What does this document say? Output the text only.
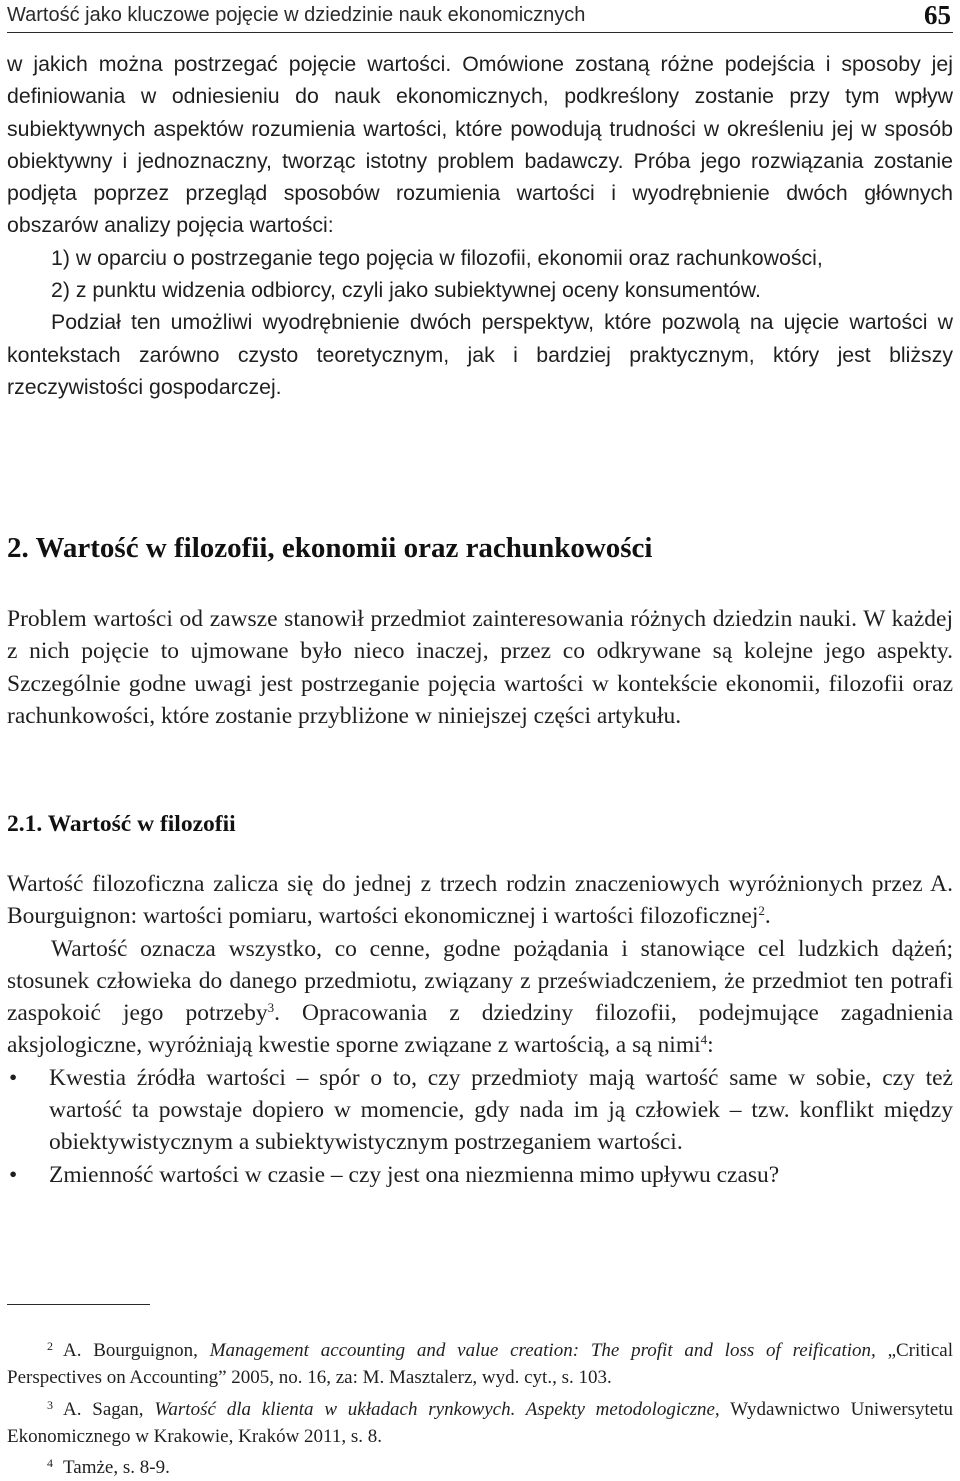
Wartość jako kluczowe pojęcie w dziedzinie nauk ekonomicznych	65

w jakich można postrzegać pojęcie wartości. Omówione zostaną różne podejścia i sposoby jej definiowania w odniesieniu do nauk ekonomicznych, podkreślony zostanie przy tym wpływ subiektywnych aspektów rozumienia wartości, które powodują trudności w określeniu jej w sposób obiektywny i jednoznaczny, tworząc istotny problem badawczy. Próba jego rozwiązania zostanie podjęta poprzez przegląd sposobów rozumienia wartości i wyodrębnienie dwóch głównych obszarów analizy pojęcia wartości:

1) w oparciu o postrzeganie tego pojęcia w filozofii, ekonomii oraz rachunkowości,

2) z punktu widzenia odbiorcy, czyli jako subiektywnej oceny konsumentów.

Podział ten umożliwi wyodrębnienie dwóch perspektyw, które pozwolą na ujęcie wartości w kontekstach zarówno czysto teoretycznym, jak i bardziej praktycznym, który jest bliższy rzeczywistości gospodarczej.

2. Wartość w filozofii, ekonomii oraz rachunkowości

Problem wartości od zawsze stanowił przedmiot zainteresowania różnych dziedzin nauki. W każdej z nich pojęcie to ujmowane było nieco inaczej, przez co odkrywane są kolejne jego aspekty. Szczególnie godne uwagi jest postrzeganie pojęcia wartości w kontekście ekonomii, filozofii oraz rachunkowości, które zostanie przybliżone w niniejszej części artykułu.

2.1. Wartość w filozofii

Wartość filozoficzna zalicza się do jednej z trzech rodzin znaczeniowych wyróżnionych przez A. Bourguignon: wartości pomiaru, wartości ekonomicznej i wartości filozoficznej$^2$.

Wartość oznacza wszystko, co cenne, godne pożądania i stanowiące cel ludzkich dążeń; stosunek człowieka do danego przedmiotu, związany z przeświadczeniem, że przedmiot ten potrafi zaspokoić jego potrzeby$^3$. Opracowania z dziedziny filozofii, podejmujące zagadnienia aksjologiczne, wyróżniają kwestie sporne związane z wartością, a są nimi$^4$:

• Kwestia źródła wartości – spór o to, czy przedmioty mają wartość same w sobie, czy też wartość ta powstaje dopiero w momencie, gdy nada im ją człowiek – tzw. konflikt między obiektywistycznym a subiektywistycznym postrzeganiem wartości.
• Zmienność wartości w czasie – czy jest ona niezmienna mimo upływu czasu?

$^2$ A. Bourguignon, Management accounting and value creation: The profit and loss of reification, „Critical Perspectives on Accounting” 2005, no. 16, za: M. Masztalerz, wyd. cyt., s. 103.

$^3$ A. Sagan, Wartość dla klienta w układach rynkowych. Aspekty metodologiczne, Wydawnictwo Uniwersytetu Ekonomicznego w Krakowie, Kraków 2011, s. 8.

$^4$ Tamże, s. 8-9.
